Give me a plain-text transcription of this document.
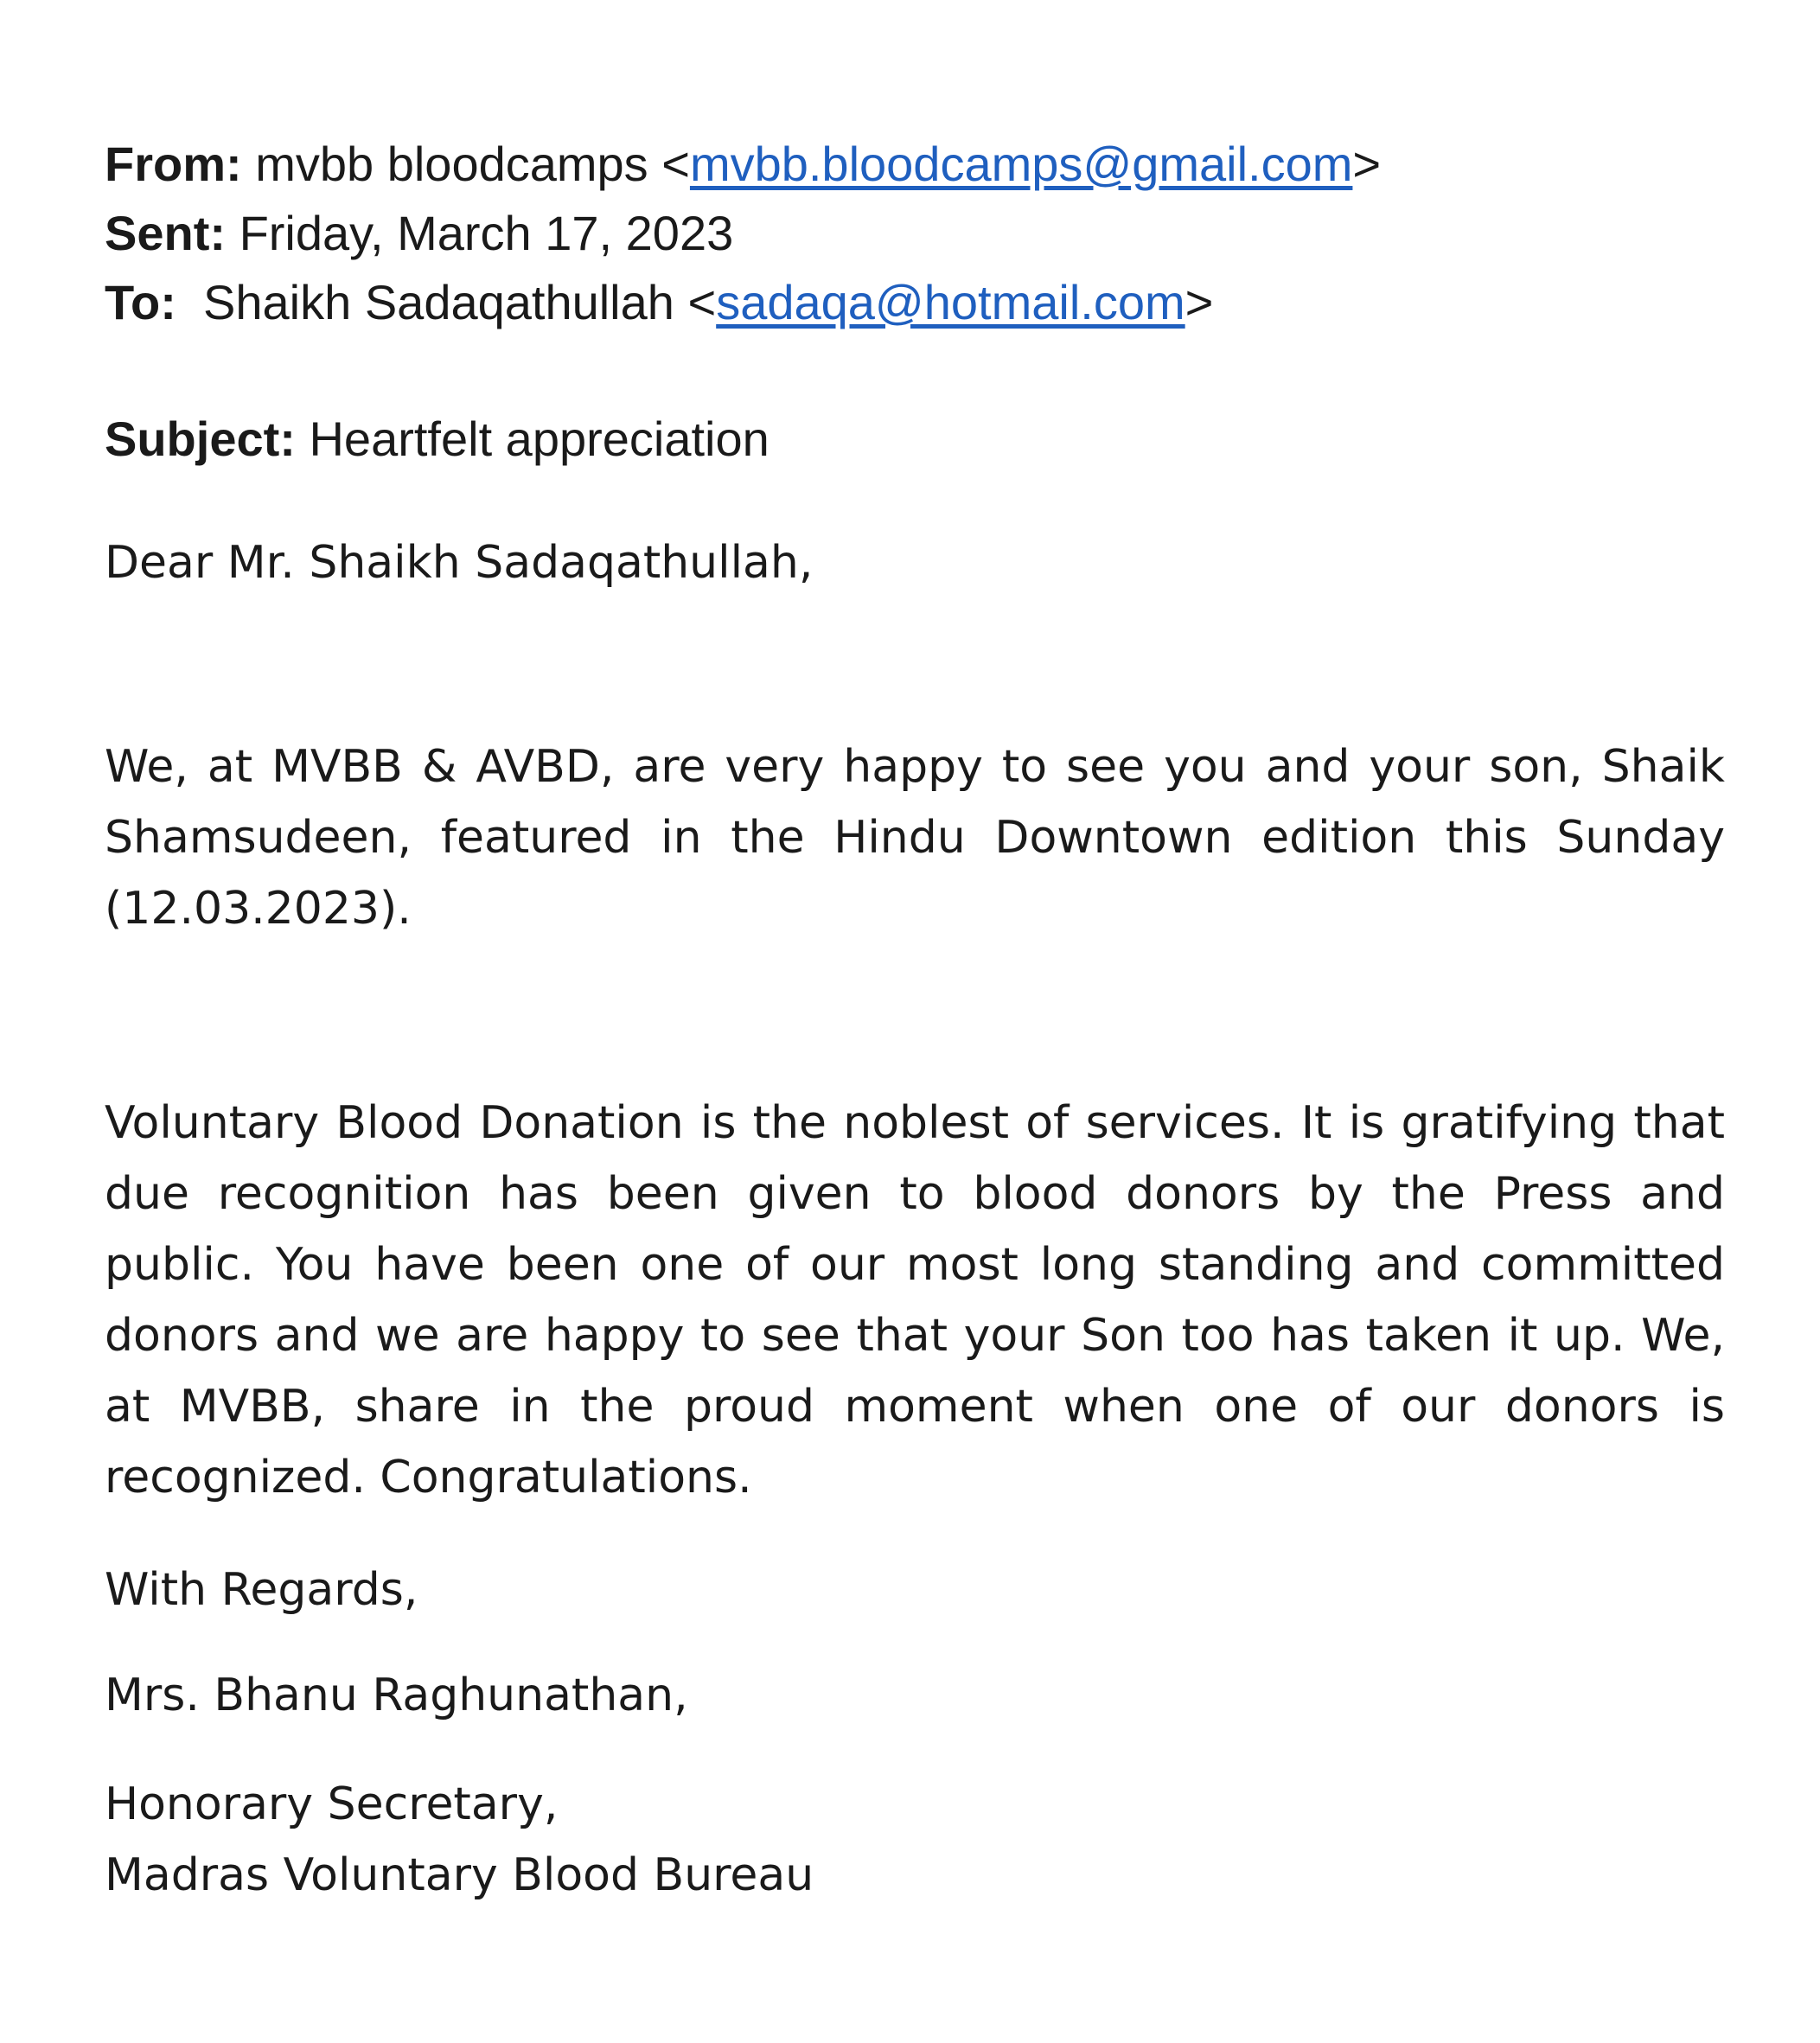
From: mvbb bloodcamps <mvbb.bloodcamps@gmail.com>
Sent: Friday, March 17, 2023
To: Shaikh Sadaqathullah <sadaqa@hotmail.com>
Subject: Heartfelt appreciation
Dear Mr. Shaikh Sadaqathullah,
We, at MVBB & AVBD, are very happy to see you and your son, Shaik Shamsudeen, featured in the Hindu Downtown edition this Sunday (12.03.2023).
Voluntary Blood Donation is the noblest of services. It is gratifying that due recognition has been given to blood donors by the Press and public. You have been one of our most long standing and committed donors and we are happy to see that your Son too has taken it up. We, at MVBB, share in the proud moment when one of our donors is recognized. Congratulations.
With Regards,
Mrs. Bhanu Raghunathan,
Honorary Secretary,
Madras Voluntary Blood Bureau
